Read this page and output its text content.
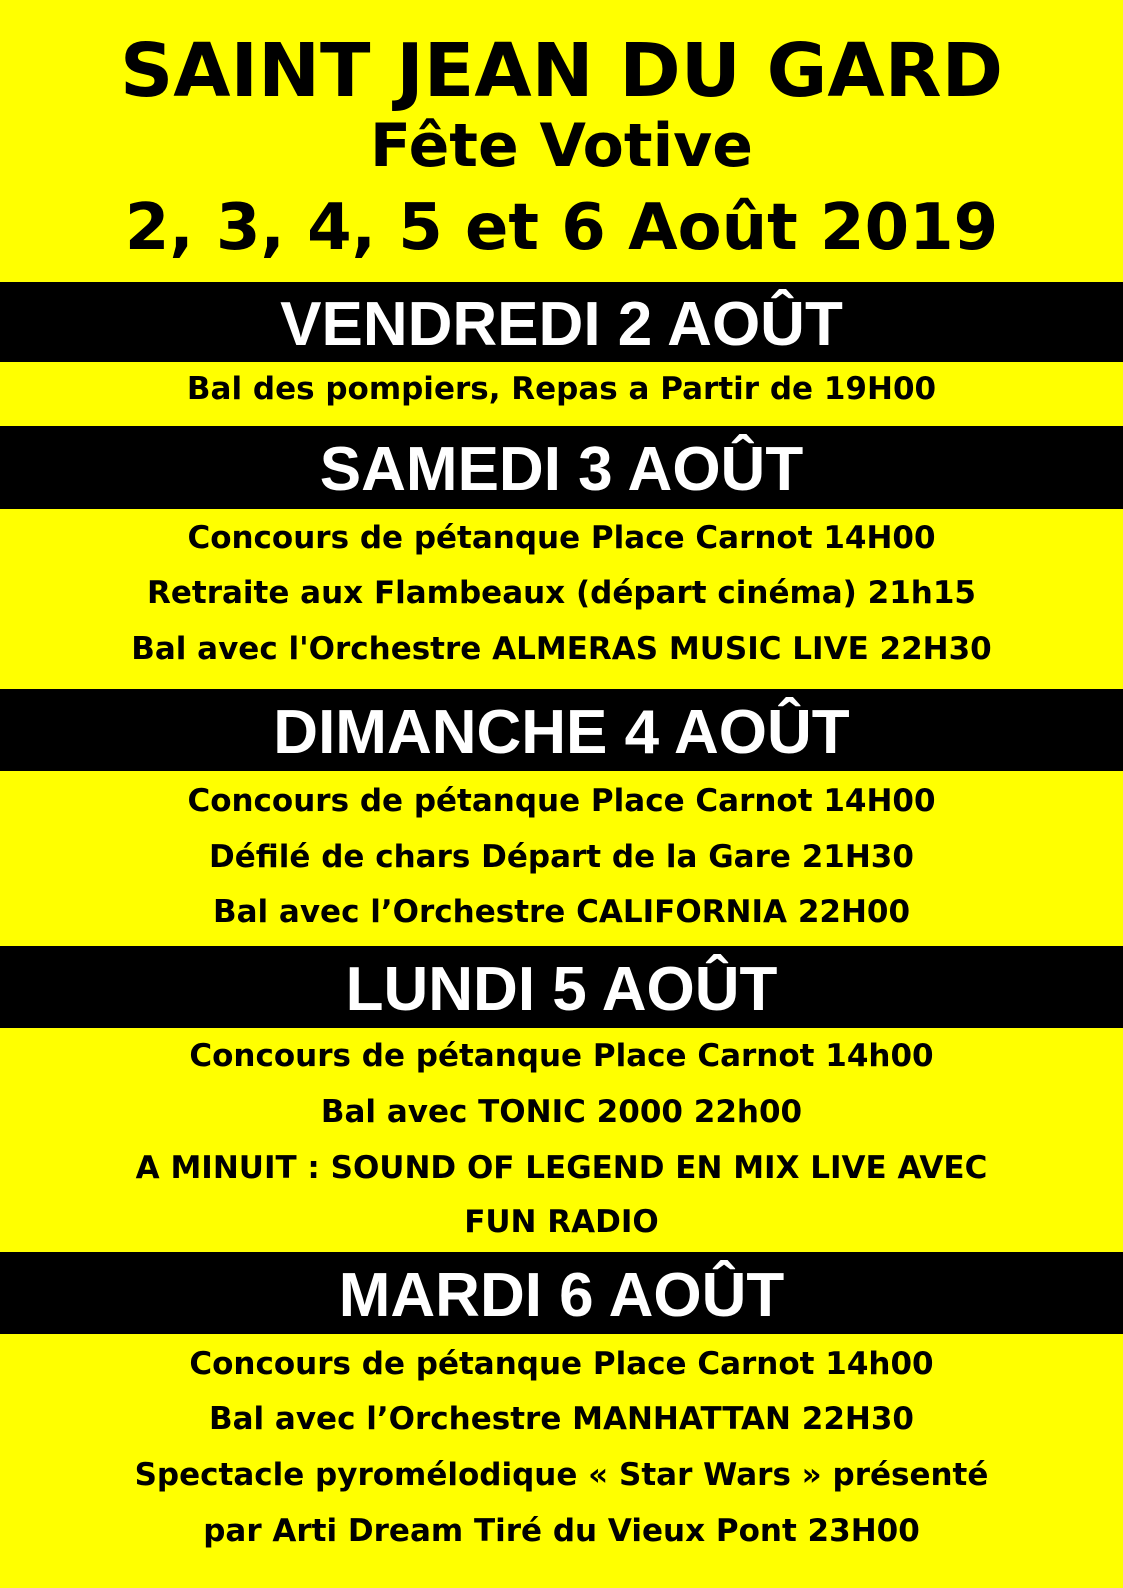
SAINT JEAN DU GARD
Fête Votive
2, 3, 4, 5 et 6 Août 2019
VENDREDI 2 AOÛT
Bal des pompiers, Repas a Partir de 19H00
SAMEDI 3 AOÛT
Concours de pétanque Place Carnot 14H00
Retraite aux Flambeaux (départ cinéma) 21h15
Bal avec l'Orchestre ALMERAS MUSIC LIVE 22H30
DIMANCHE 4 AOÛT
Concours de pétanque Place Carnot 14H00
Défilé de chars Départ de la Gare 21H30
Bal avec l’Orchestre CALIFORNIA 22H00
LUNDI 5 AOÛT
Concours de pétanque Place Carnot 14h00
Bal avec TONIC 2000 22h00
A MINUIT : SOUND OF LEGEND EN MIX LIVE AVEC
FUN RADIO
MARDI 6 AOÛT
Concours de pétanque Place Carnot 14h00
Bal avec l’Orchestre MANHATTAN 22H30
Spectacle pyromélodique « Star Wars » présenté
par Arti Dream Tiré du Vieux Pont 23H00
